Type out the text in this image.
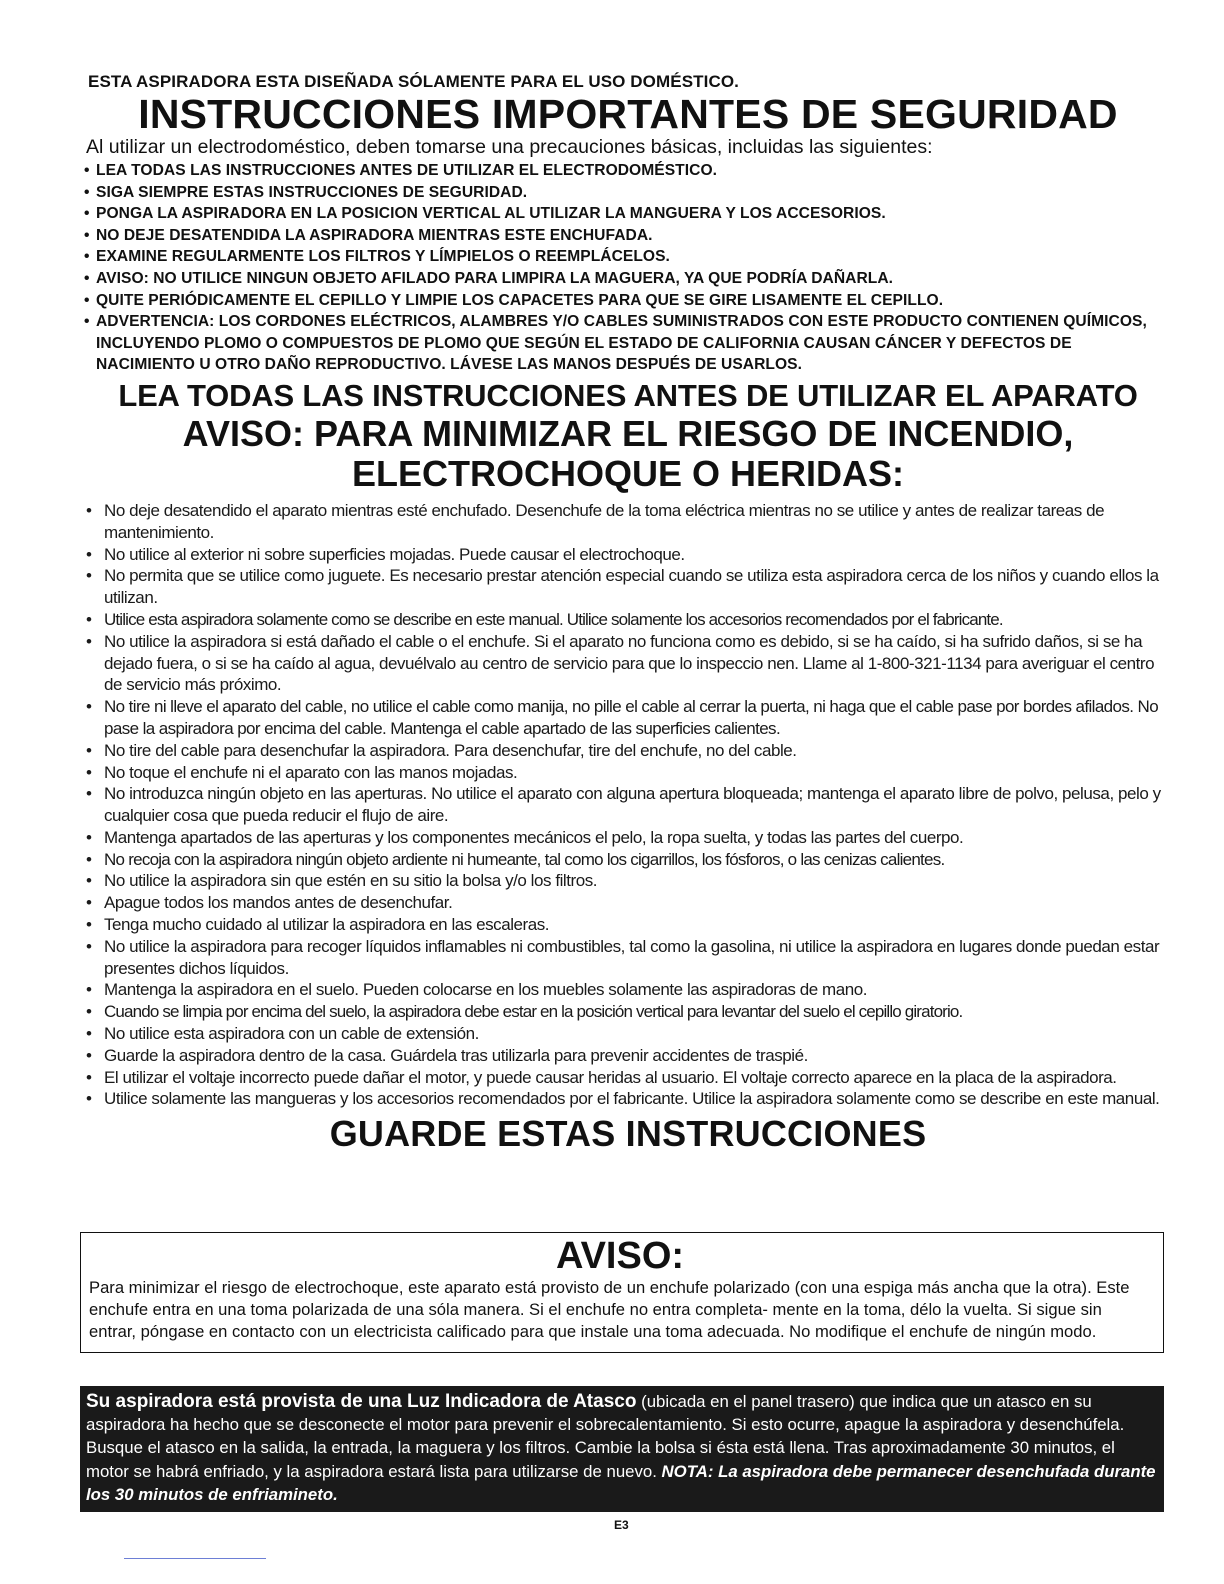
ESTA ASPIRADORA ESTA DISEÑADA SÓLAMENTE PARA EL USO DOMÉSTICO.

INSTRUCCIONES IMPORTANTES DE SEGURIDAD

Al utilizar un electrodoméstico, deben tomarse una precauciones básicas, incluidas las siguientes:

• LEA TODAS LAS INSTRUCCIONES ANTES DE UTILIZAR EL ELECTRODOMÉSTICO.
• SIGA SIEMPRE ESTAS INSTRUCCIONES DE SEGURIDAD.
• PONGA LA ASPIRADORA EN LA POSICION VERTICAL AL UTILIZAR LA MANGUERA Y LOS ACCESORIOS.
• NO DEJE DESATENDIDA LA ASPIRADORA MIENTRAS ESTE ENCHUFADA.
• EXAMINE REGULARMENTE LOS FILTROS Y LÍMPIELOS O REEMPLÁCELOS.
• AVISO: NO UTILICE NINGUN OBJETO AFILADO PARA LIMPIRA LA MAGUERA, YA QUE PODRÍA DAÑARLA.
• QUITE PERIÓDICAMENTE EL CEPILLO Y LIMPIE LOS CAPACETES PARA QUE SE GIRE LISAMENTE EL CEPILLO.
• ADVERTENCIA: LOS CORDONES ELÉCTRICOS, ALAMBRES Y/O CABLES SUMINISTRADOS CON ESTE PRODUCTO CONTIENEN QUÍMICOS, INCLUYENDO PLOMO O COMPUESTOS DE PLOMO QUE SEGÚN EL ESTADO DE CALIFORNIA CAUSAN CÁNCER Y DEFECTOS DE NACIMIENTO U OTRO DAÑO REPRODUCTIVO. LÁVESE LAS MANOS DESPUÉS DE USARLOS.
LEA TODAS LAS INSTRUCCIONES ANTES DE UTILIZAR EL APARATO
AVISO: PARA MINIMIZAR EL RIESGO DE INCENDIO,
ELECTROCHOQUE O HERIDAS:
• No deje desatendido el aparato mientras esté enchufado. Desenchufe de la toma eléctrica mientras no se utilice y antes de realizar tareas de mantenimiento.
• No utilice al exterior ni sobre superficies mojadas. Puede causar el electrochoque.
• No permita que se utilice como juguete. Es necesario prestar atención especial cuando se utiliza esta aspiradora cerca de los niños y cuando ellos la utilizan.
• Utilice esta aspiradora solamente como se describe en este manual. Utilice solamente los accesorios recomendados por el fabricante.
• No utilice la aspiradora si está dañado el cable o el enchufe. Si el aparato no funciona como es debido, si se ha caído, si ha sufrido daños, si se ha dejado fuera, o si se ha caído al agua, devuélvalo au centro de servicio para que lo inspeccio nen. Llame al 1-800-321-1134 para averiguar el centro de servicio más próximo.
• No tire ni lleve el aparato del cable, no utilice el cable como manija, no pille el cable al cerrar la puerta, ni haga que el cable pase por bordes afilados. No pase la aspiradora por encima del cable. Mantenga el cable apartado de las superficies calientes.
• No tire del cable para desenchufar la aspiradora. Para desenchufar, tire del enchufe, no del cable.
• No toque el enchufe ni el aparato con las manos mojadas.
• No introduzca ningún objeto en las aperturas. No utilice el aparato con alguna apertura bloqueada; mantenga el aparato libre de polvo, pelusa, pelo y cualquier cosa que pueda reducir el flujo de aire.
• Mantenga apartados de las aperturas y los componentes mecánicos el pelo, la ropa suelta, y todas las partes del cuerpo.
• No recoja con la aspiradora ningún objeto ardiente ni humeante, tal como los cigarrillos, los fósforos, o las cenizas calientes.
• No utilice la aspiradora sin que estén en su sitio la bolsa y/o los filtros.
• Apague todos los mandos antes de desenchufar.
• Tenga mucho cuidado al utilizar la aspiradora en las escaleras.
• No utilice la aspiradora para recoger líquidos inflamables ni combustibles, tal como la gasolina, ni utilice la aspiradora en lugares donde puedan estar presentes dichos líquidos.
• Mantenga la aspiradora en el suelo. Pueden colocarse en los muebles solamente las aspiradoras de mano.
• Cuando se limpia por encima del suelo, la aspiradora debe estar en la posición vertical para levantar del suelo el cepillo giratorio.
• No utilice esta aspiradora con un cable de extensión.
• Guarde la aspiradora dentro de la casa. Guárdela tras utilizarla para prevenir accidentes de traspié.
• El utilizar el voltaje incorrecto puede dañar el motor, y puede causar heridas al usuario. El voltaje correcto aparece en la placa de la aspiradora.
• Utilice solamente las mangueras y los accesorios recomendados por el fabricante. Utilice la aspiradora solamente como se describe en este manual.
GUARDE ESTAS INSTRUCCIONES
AVISO:

Para minimizar el riesgo de electrochoque, este aparato está provisto de un enchufe polarizado (con una espiga más ancha que la otra). Este enchufe entra en una toma polarizada de una sóla manera. Si el enchufe no entra completa- mente en la toma, délo la vuelta. Si sigue sin entrar, póngase en contacto con un electricista calificado para que instale una toma adecuada. No modifique el enchufe de ningún modo.

Su aspiradora está provista de una Luz Indicadora de Atasco (ubicada en el panel trasero) que indica que un atasco en su aspiradora ha hecho que se desconecte el motor para prevenir el sobrecalentamiento. Si esto ocurre, apague la aspiradora y desenchúfela. Busque el atasco en la salida, la entrada, la maguera y los filtros. Cambie la bolsa si ésta está llena. Tras aproximadamente 30 minutos, el motor se habrá enfriado, y la aspiradora estará lista para utilizarse de nuevo. NOTA: La aspiradora debe permanecer desenchufada durante los 30 minutos de enfriamineto.
E3
